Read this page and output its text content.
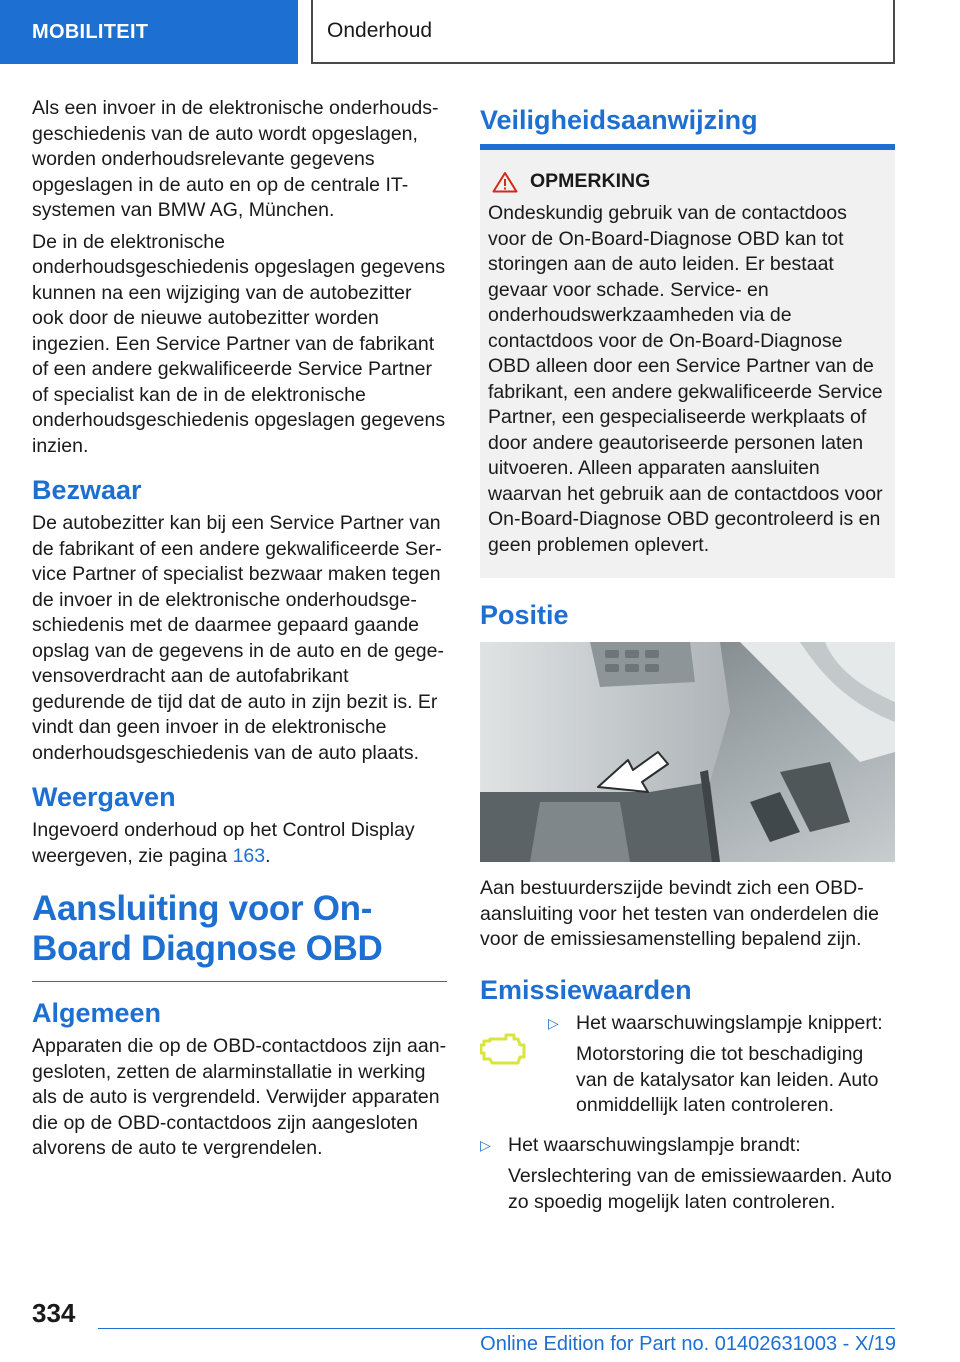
MOBILITEIT	Onderhoud

Als een invoer in de elektronische onderhoudsgeschiedenis van de auto wordt opgeslagen, worden onderhoudsrelevante gegevens opgeslagen in de auto en op de centrale IT-systemen van BMW AG, München.

De in de elektronische onderhoudsgeschiedenis opgeslagen gegevens kunnen na een wijziging van de autobezitter ook door de nieuwe autobezitter worden ingezien. Een Service Partner van de fabrikant of een andere gekwalificeerde Service Partner of specialist kan de in de elektronische onderhoudsgeschiedenis opgeslagen gegevens inzien.

Bezwaar

De autobezitter kan bij een Service Partner van de fabrikant of een andere gekwalificeerde Service Partner of specialist bezwaar maken tegen de invoer in de elektronische onderhoudsgeschiedenis met de daarmee gepaard gaande opslag van de gegevens in de auto en de gegevensoverdracht aan de autofabrikant gedurende de tijd dat de auto in zijn bezit is. Er vindt dan geen invoer in de elektronische onderhoudsgeschiedenis van de auto plaats.

Weergaven

Ingevoerd onderhoud op het Control Display weergeven, zie pagina 163.

Aansluiting voor On-Board Diagnose OBD
Algemeen

Apparaten die op de OBD-contactdoos zijn aangesloten, zetten de alarminstallatie in werking als de auto is vergrendeld. Verwijder apparaten die op de OBD-contactdoos zijn aangesloten alvorens de auto te vergrendelen.

Veiligheidsaanwijzing
OPMERKING

Ondeskundig gebruik van de contactdoos voor de On-Board-Diagnose OBD kan tot storingen aan de auto leiden. Er bestaat gevaar voor schade. Service- en onderhoudswerkzaamheden via de contactdoos voor de On-Board-Diagnose OBD alleen door een Service Partner van de fabrikant, een andere gekwalificeerde Service Partner, een gespecialiseerde werkplaats of door andere geautoriseerde personen laten uitvoeren. Alleen apparaten aansluiten waarvan het gebruik aan de contactdoos voor On-Board-Diagnose OBD gecontroleerd is en geen problemen oplevert.

Positie

Aan bestuurderszijde bevindt zich een OBD-aansluiting voor het testen van onderdelen die voor de emissiesamenstelling bepalend zijn.

Emissiewaarden
▷ Het waarschuwingslampje knippert:

Motorstoring die tot beschadiging van de katalysator kan leiden. Auto onmiddellijk laten controleren.

▷ Het waarschuwingslampje brandt:

Verslechtering van de emissiewaarden. Auto zo spoedig mogelijk laten controleren.

334
Online Edition for Part no. 01402631003 - X/19
